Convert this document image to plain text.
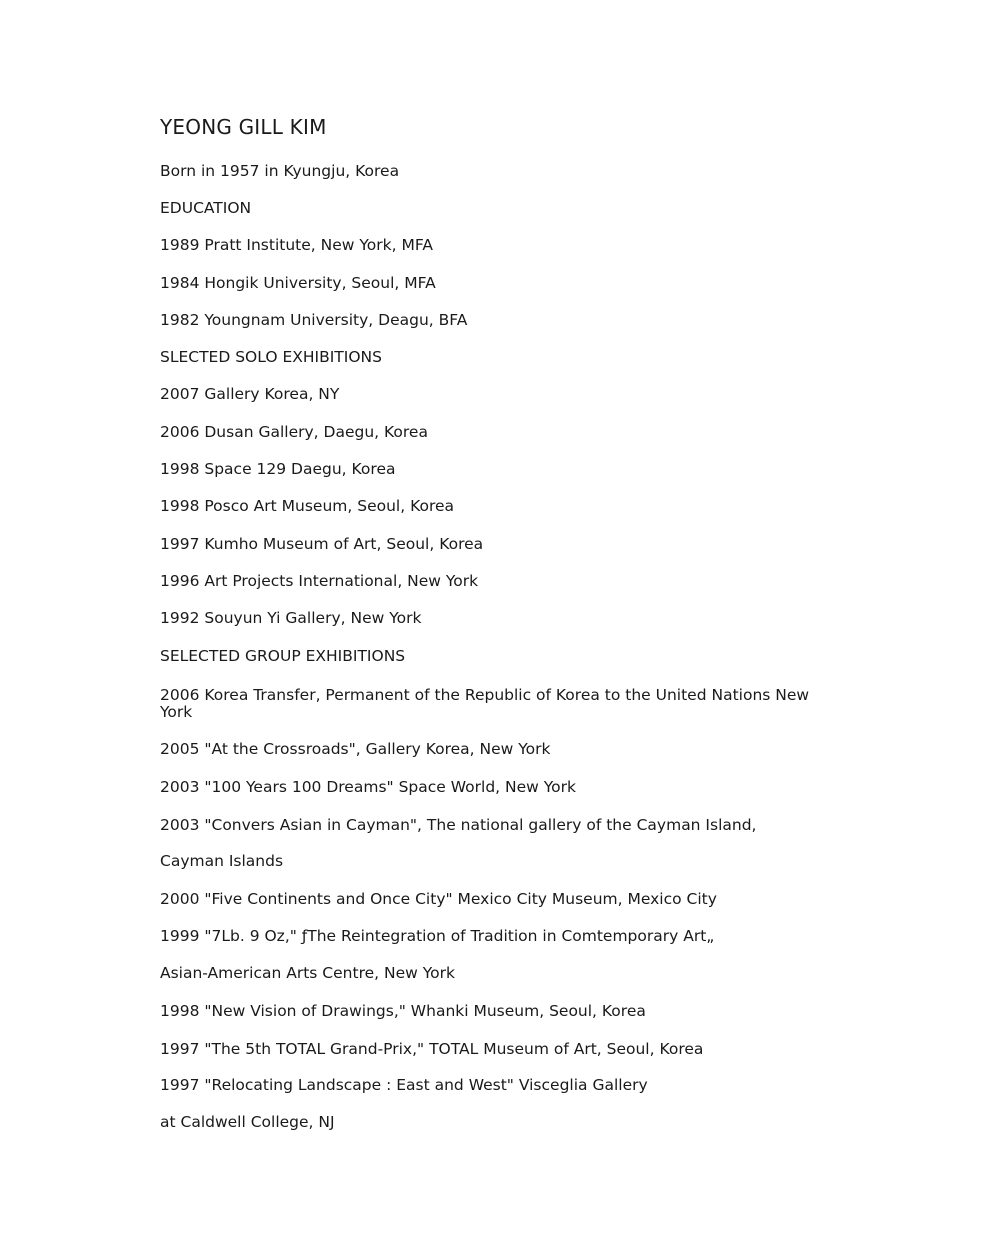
YEONG GILL KIM
Born in 1957 in Kyungju, Korea
EDUCATION
1989 Pratt Institute, New York, MFA
1984 Hongik University, Seoul, MFA
1982 Youngnam University, Deagu, BFA
SLECTED SOLO EXHIBITIONS
2007 Gallery Korea, NY
2006 Dusan Gallery, Daegu, Korea
1998 Space 129 Daegu, Korea
1998 Posco Art Museum, Seoul, Korea
1997 Kumho Museum of Art, Seoul, Korea
1996 Art Projects International, New York
1992 Souyun Yi Gallery, New York
SELECTED GROUP EXHIBITIONS
2006 Korea Transfer, Permanent of the Republic of Korea to the United Nations New York
2005 "At the Crossroads", Gallery Korea, New York
2003 "100 Years 100 Dreams" Space World, New York
2003 "Convers Asian in Cayman", The national gallery of the Cayman Island,
Cayman Islands
2000 "Five Continents and Once City" Mexico City Museum, Mexico City
1999 "7Lb. 9 Oz," ƒThe Reintegration of Tradition in Comtemporary Art„
Asian-American Arts Centre, New York
1998 "New Vision of Drawings," Whanki Museum, Seoul, Korea
1997 "The 5th TOTAL Grand-Prix," TOTAL Museum of Art, Seoul, Korea
1997 "Relocating Landscape : East and West" Visceglia Gallery
at Caldwell College, NJ
